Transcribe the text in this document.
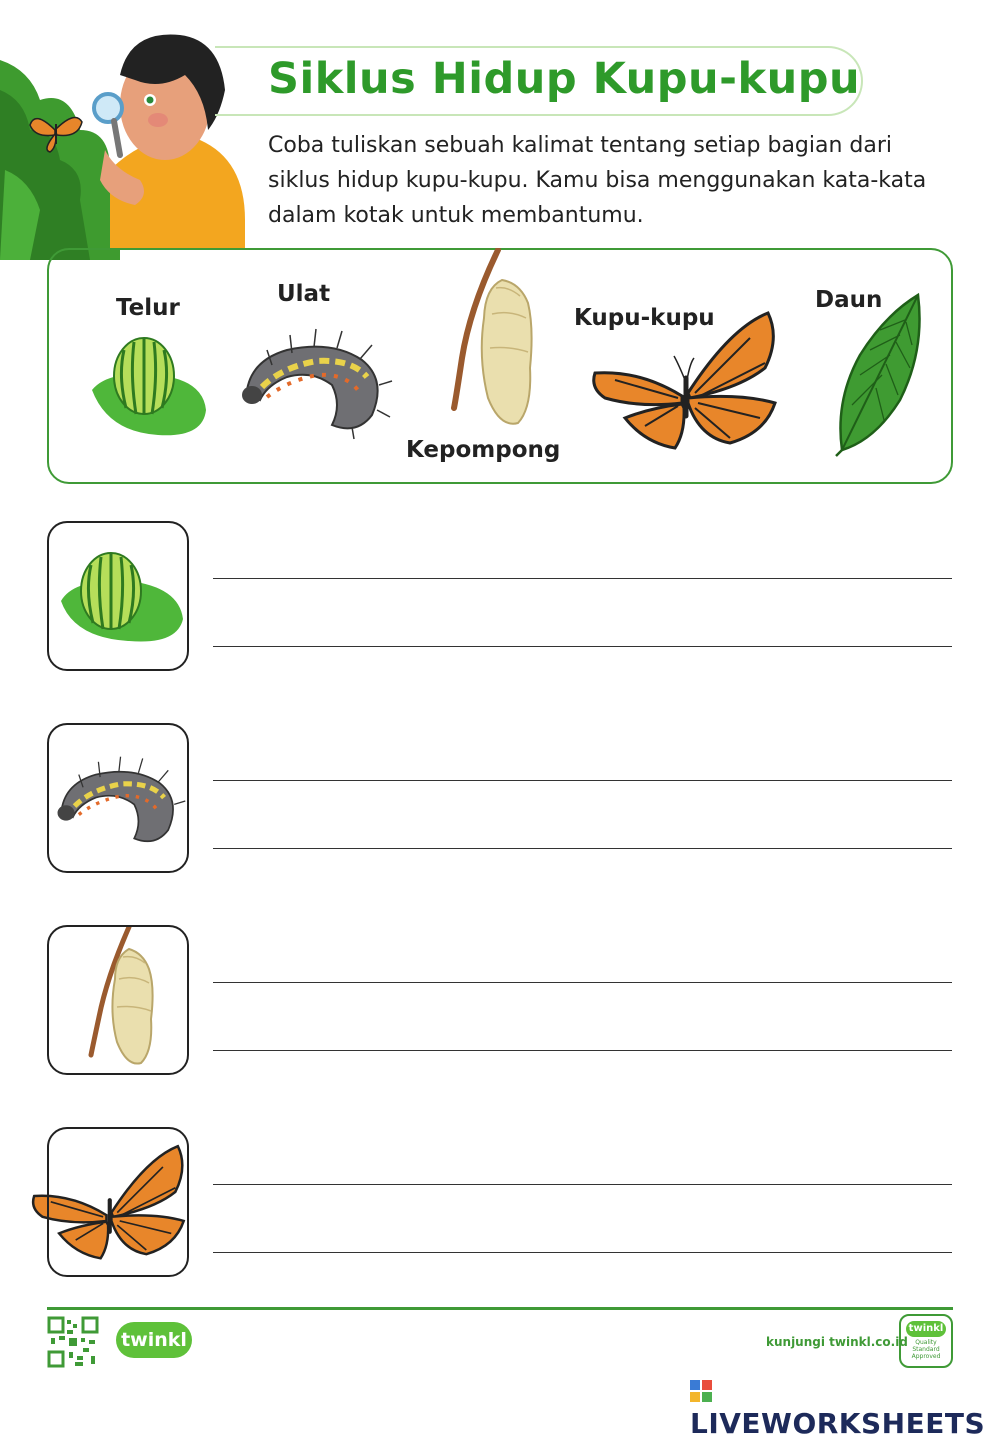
Siklus Hidup Kupu-kupu

Coba tuliskan sebuah kalimat tentang setiap bagian dari siklus hidup kupu-kupu. Kamu bisa menggunakan kata-kata dalam kotak untuk membantumu.

Telur
Ulat
Kepompong
Kupu-kupu
Daun
twinkl	kunjungi twinkl.co.id
twinkl
Quality Standard Approved
LIVEWORKSHEETS
